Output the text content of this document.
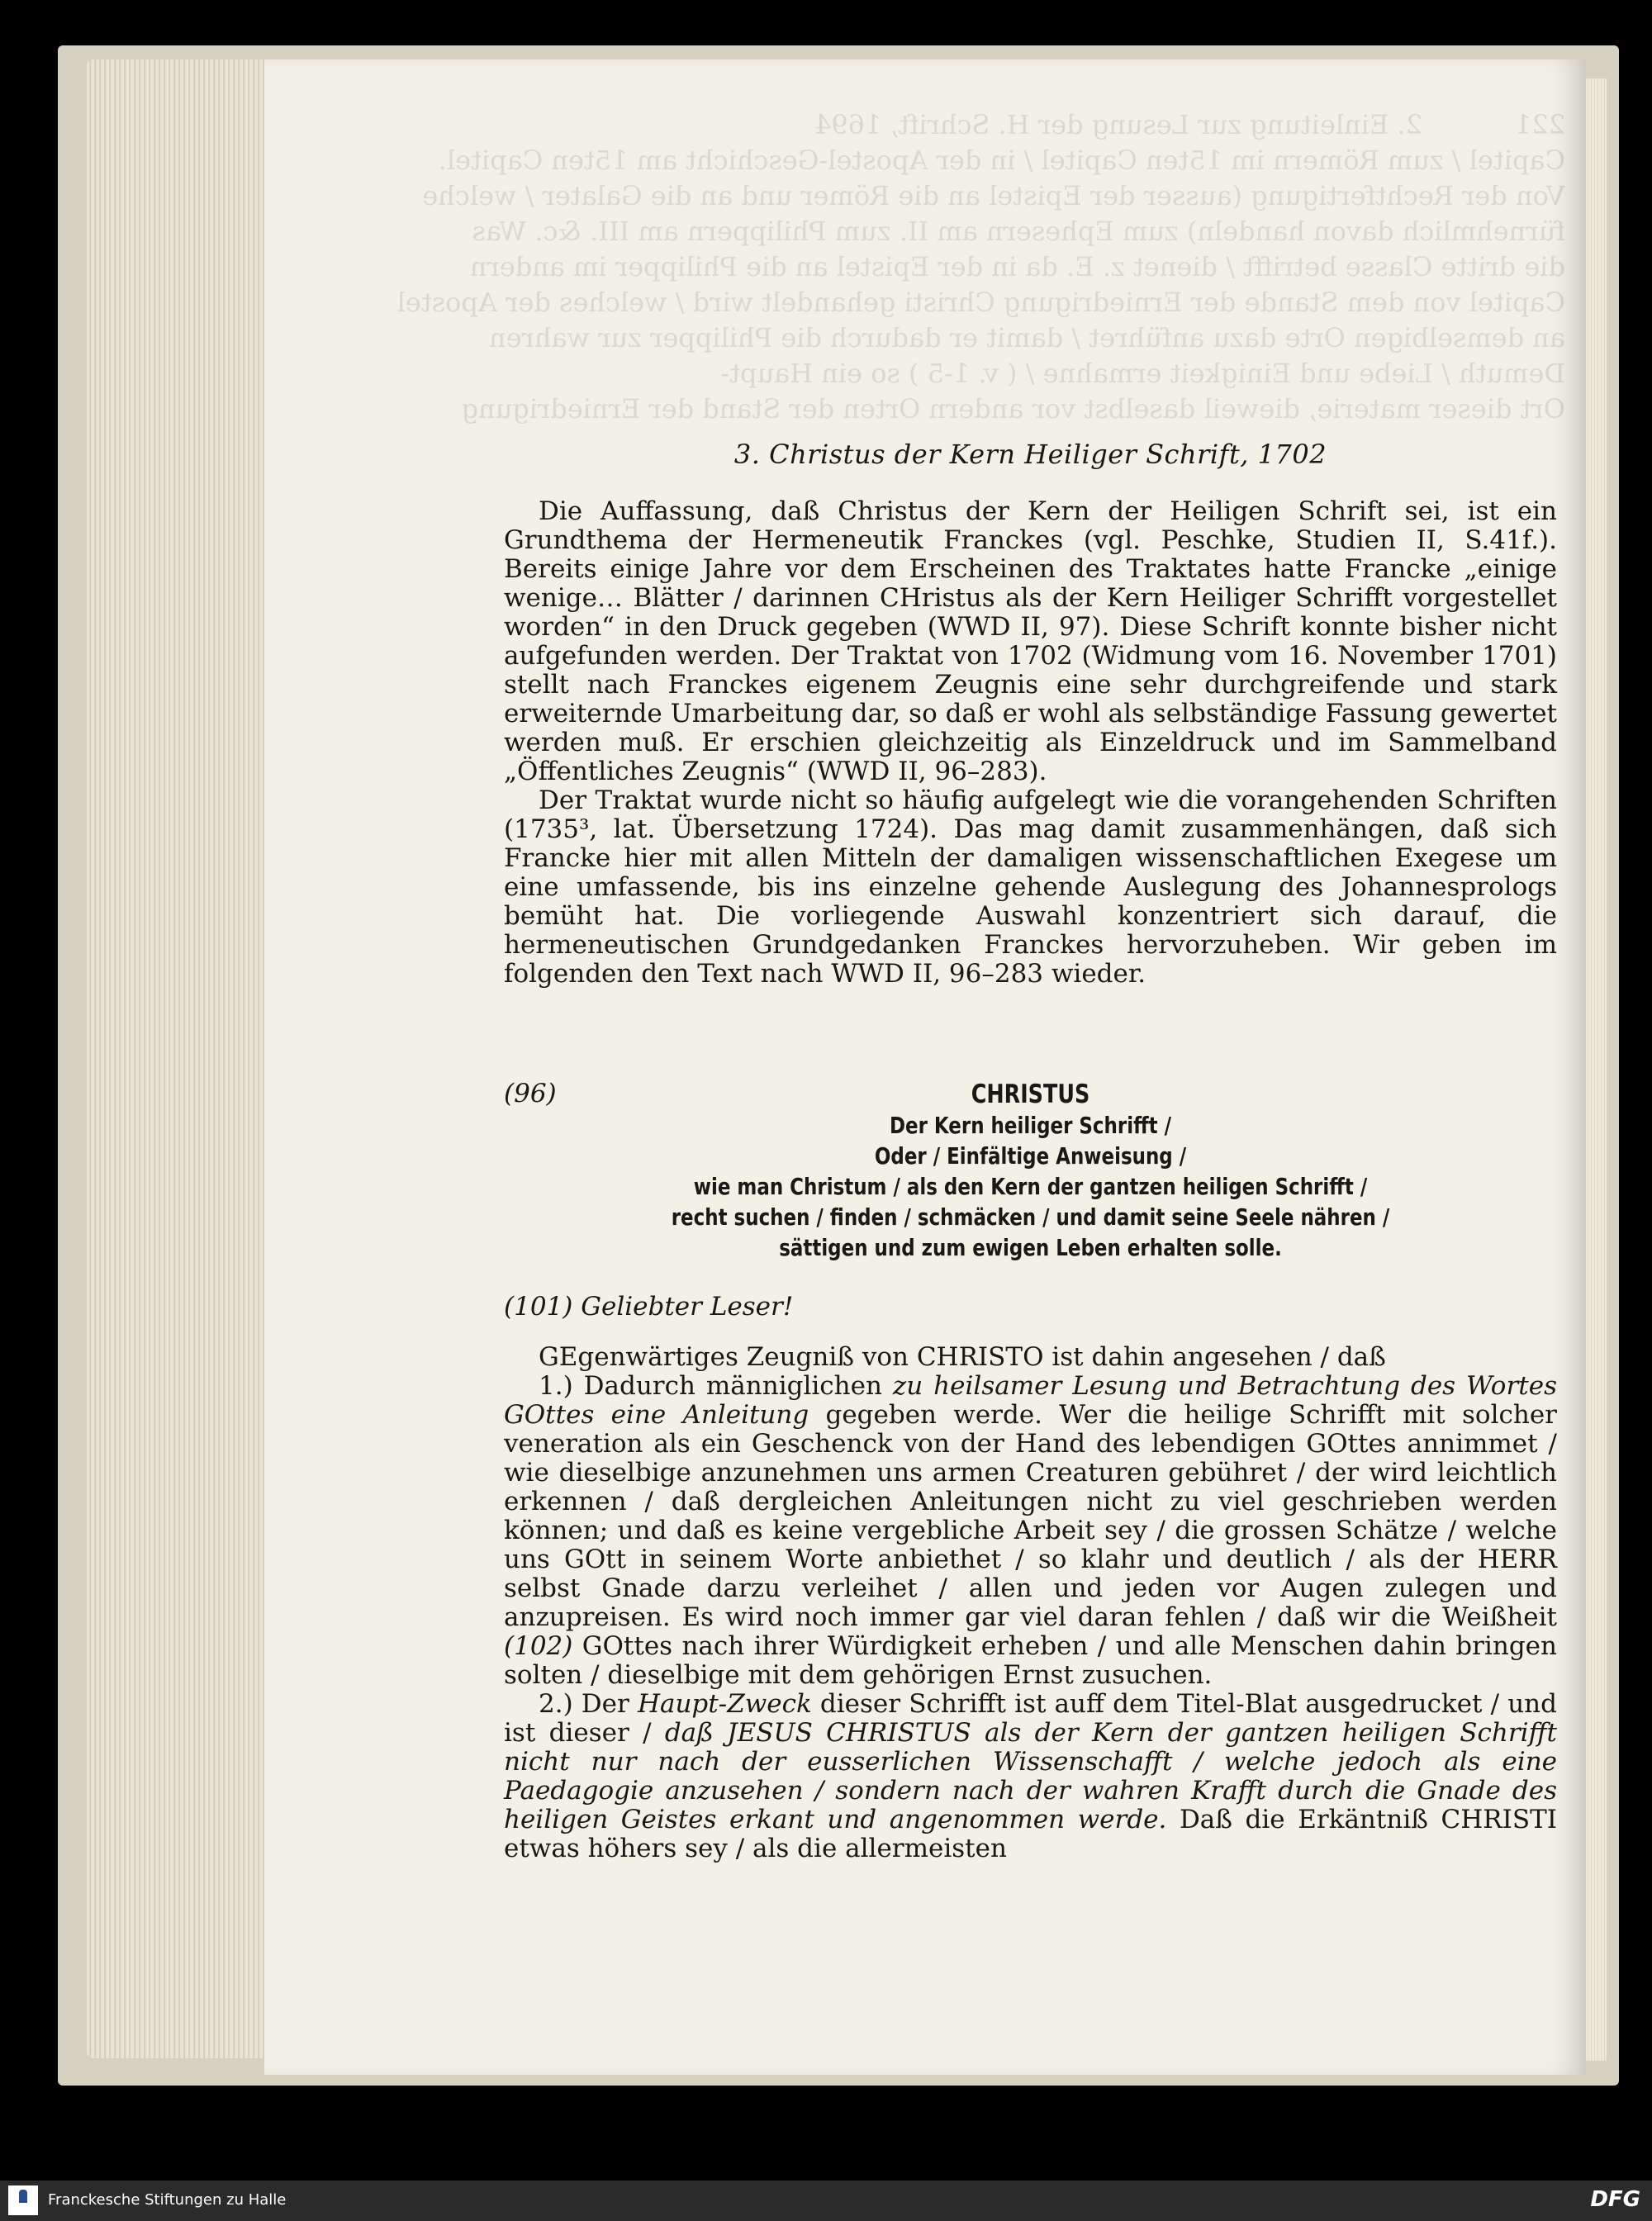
221           2. Einleitung zur Lesung der H. Schrift, 1694
Capitel / zum Römern im 15ten Capitel / in der Apostel-Geschicht am 15ten Capitel.
Von der Rechtfertigung (ausser der Epistel an die Römer und an die Galater / welche
fürnehmlich davon handeln) zum Ephesern am II. zum Philippern am III. &c. Was
die dritte Classe betrifft / dienet z. E. da in der Epistel an die Philipper im andern
Capitel von dem Stande der Erniedrigung Christi gehandelt wird / welches der Apostel
an demselbigen Orte dazu anführet / damit er dadurch die Philipper zur wahren
Demuth / Liebe und Einigkeit ermahne / ( v. 1-5 ) so ein Haupt-
Ort dieser materie, dieweil daselbst vor andern Orten der Stand der Erniedrigung
3. Christus der Kern Heiliger Schrift, 1702

Die Auffassung, daß Christus der Kern der Heiligen Schrift sei, ist ein Grundthema der Hermeneutik Franckes (vgl. Peschke, Studien II, S.41f.). Bereits einige Jahre vor dem Erscheinen des Traktates hatte Francke „einige wenige… Blätter / darinnen CHristus als der Kern Heiliger Schrifft vorgestellet worden“ in den Druck gegeben (WWD II, 97). Diese Schrift konnte bisher nicht aufgefunden werden. Der Traktat von 1702 (Widmung vom 16. November 1701) stellt nach Franckes eigenem Zeugnis eine sehr durchgreifende und stark erweiternde Umarbeitung dar, so daß er wohl als selbständige Fassung gewertet werden muß. Er erschien gleichzeitig als Einzeldruck und im Sammelband „Öffentliches Zeugnis“ (WWD II, 96–283).

Der Traktat wurde nicht so häufig aufgelegt wie die vorangehenden Schriften (1735³, lat. Übersetzung 1724). Das mag damit zusammenhängen, daß sich Francke hier mit allen Mitteln der damaligen wissenschaftlichen Exegese um eine umfassende, bis ins einzelne gehende Auslegung des Johannesprologs bemüht hat. Die vorliegende Auswahl konzentriert sich darauf, die hermeneutischen Grundgedanken Franckes hervorzuheben. Wir geben im folgenden den Text nach WWD II, 96–283 wieder.

(96)	CHRISTUS
Der Kern heiliger Schrifft /
Oder / Einfältige Anweisung /
wie man Christum / als den Kern der gantzen heiligen Schrifft /
recht suchen / finden / schmäcken / und damit seine Seele nähren /
sättigen und zum ewigen Leben erhalten solle.
(101) Geliebter Leser!

GEgenwärtiges Zeugniß von CHRISTO ist dahin angesehen / daß

1.) Dadurch männiglichen zu heilsamer Lesung und Betrachtung des Wortes GOttes eine Anleitung gegeben werde. Wer die heilige Schrifft mit solcher veneration als ein Geschenck von der Hand des lebendigen GOttes annimmet / wie dieselbige anzunehmen uns armen Creaturen gebühret / der wird leichtlich erkennen / daß dergleichen Anleitungen nicht zu viel geschrieben werden können; und daß es keine vergebliche Arbeit sey / die grossen Schätze / welche uns GOtt in seinem Worte anbiethet / so klahr und deutlich / als der HERR selbst Gnade darzu verleihet / allen und jeden vor Augen zulegen und anzupreisen. Es wird noch immer gar viel daran fehlen / daß wir die Weißheit (102) GOttes nach ihrer Würdigkeit erheben / und alle Menschen dahin bringen solten / dieselbige mit dem gehörigen Ernst zusuchen.

2.) Der Haupt-Zweck dieser Schrifft ist auff dem Titel-Blat ausgedrucket / und ist dieser / daß JESUS CHRISTUS als der Kern der gantzen heiligen Schrifft nicht nur nach der eusserlichen Wissenschafft / welche jedoch als eine Paedagogie anzusehen / sondern nach der wahren Krafft durch die Gnade des heiligen Geistes erkant und angenommen werde. Daß die Erkäntniß CHRISTI etwas höhers sey / als die allermeisten

Franckesche Stiftungen zu Halle	DFG
